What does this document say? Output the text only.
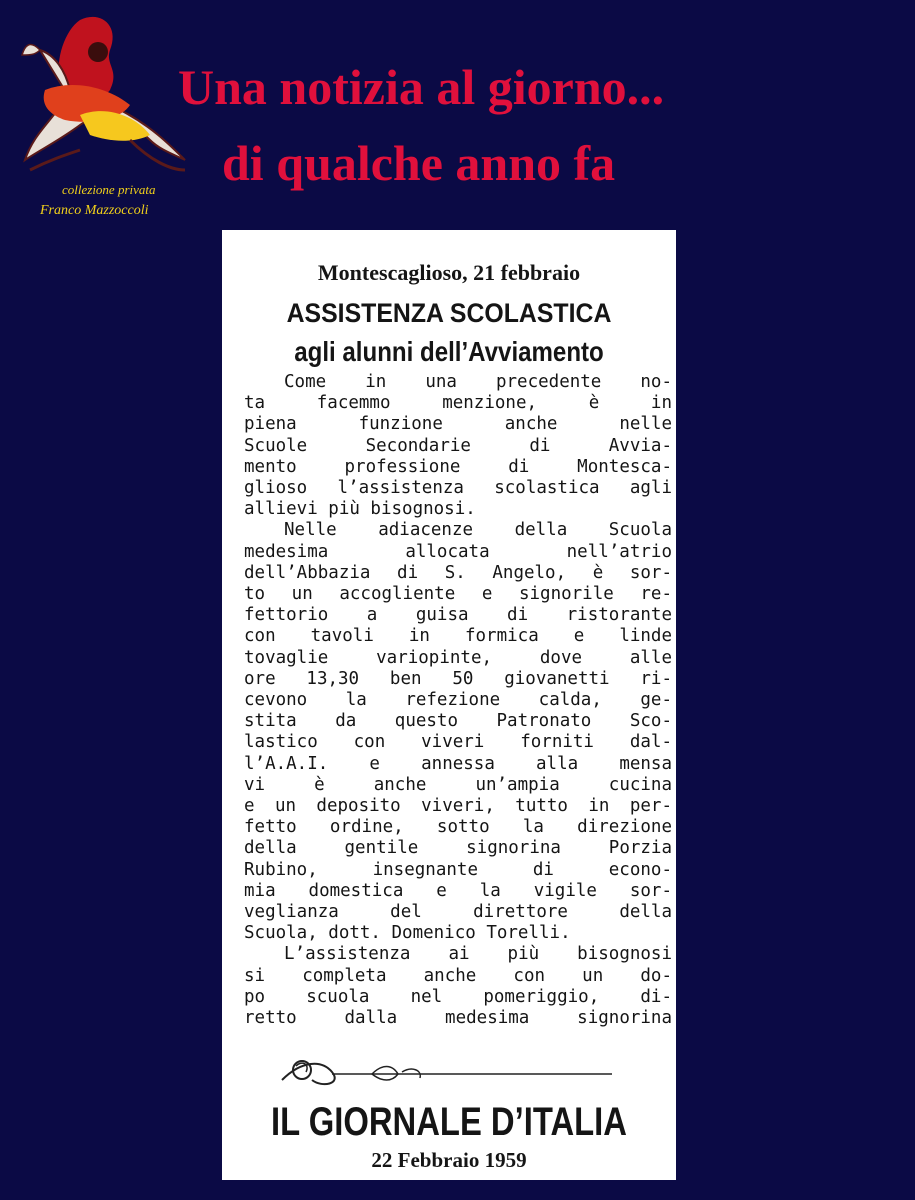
collezione privata
Franco Mazzoccoli
Una notizia al giorno...
di qualche anno fa
Montescaglioso, 21 febbraio
ASSISTENZA SCOLASTICA
agli alunni dell’Avviamento
Come in una precedente no-
ta facemmo menzione, è in
piena funzione anche nelle
Scuole Secondarie di Avvia-
mento professione di Montesca-
glioso l’assistenza scolastica agli
allievi più bisognosi.
Nelle adiacenze della Scuola
medesima allocata nell’atrio
dell’Abbazia di S. Angelo, è sor-
to un accogliente e signorile re-
fettorio a guisa di ristorante
con tavoli in formica e linde
tovaglie variopinte, dove alle
ore 13,30 ben 50 giovanetti ri-
cevono la refezione calda, ge-
stita da questo Patronato Sco-
lastico con viveri forniti dal-
l’A.A.I. e annessa alla mensa
vi è anche un’ampia cucina
e un deposito viveri, tutto in per-
fetto ordine, sotto la direzione
della gentile signorina Porzia
Rubino, insegnante di econo-
mia domestica e la vigile sor-
veglianza del direttore della
Scuola, dott. Domenico Torelli.
L’assistenza ai più bisognosi
si completa anche con un do-
po scuola nel pomeriggio, di-
retto dalla medesima signorina
IL GIORNALE D’ITALIA
22 Febbraio 1959
